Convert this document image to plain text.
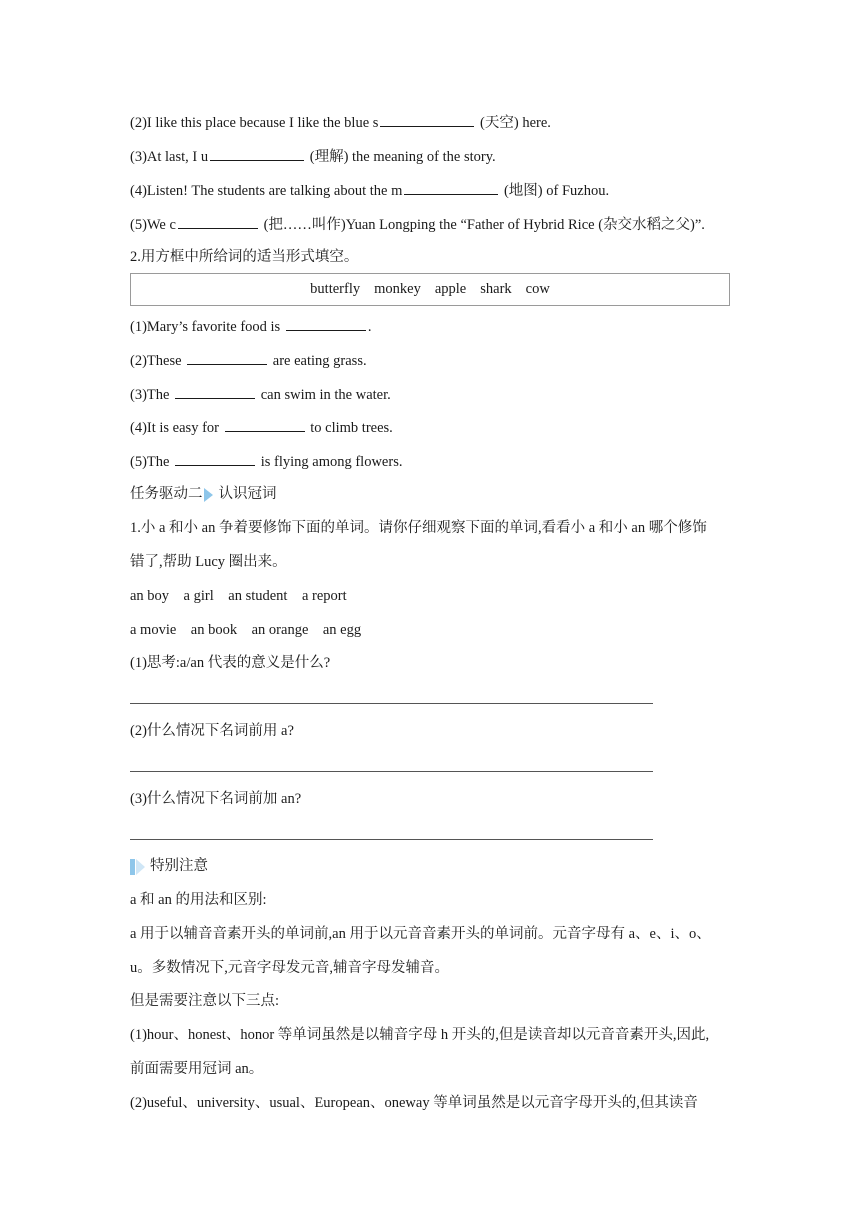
(2)I like this place because I like the blue s	(天空) here.
(3)At last, I u	(理解) the meaning of the story.
(4)Listen! The students are talking about the m	(地图) of Fuzhou.
(5)We c	(把……叫作)Yuan Longping the “Father of Hybrid Rice (杂交水稻之父)”.
2.用方框中所给词的适当形式填空。
butterfly monkey apple shark cow
(1)Mary’s favorite food is	.
(2)These	are eating grass.
(3)The	can swim in the water.
(4)It is easy for	to climb trees.
(5)The	is flying among flowers.
任务驱动二 认识冠词
1.小 a 和小 an 争着要修饰下面的单词。请你仔细观察下面的单词,看看小 a 和小 an 哪个修饰
错了,帮助 Lucy 圈出来。
an boy    a girl    an student    a report
a movie    an book    an orange    an egg
(1)思考:a/an 代表的意义是什么?
(2)什么情况下名词前用 a?
(3)什么情况下名词前加 an?
特别注意
a 和 an 的用法和区别:
a 用于以辅音音素开头的单词前,an 用于以元音音素开头的单词前。元音字母有 a、e、i、o、
u。多数情况下,元音字母发元音,辅音字母发辅音。
但是需要注意以下三点:
(1)hour、honest、honor 等单词虽然是以辅音字母 h 开头的,但是读音却以元音音素开头,因此,
前面需要用冠词 an。
(2)useful、university、usual、European、oneway 等单词虽然是以元音字母开头的,但其读音
